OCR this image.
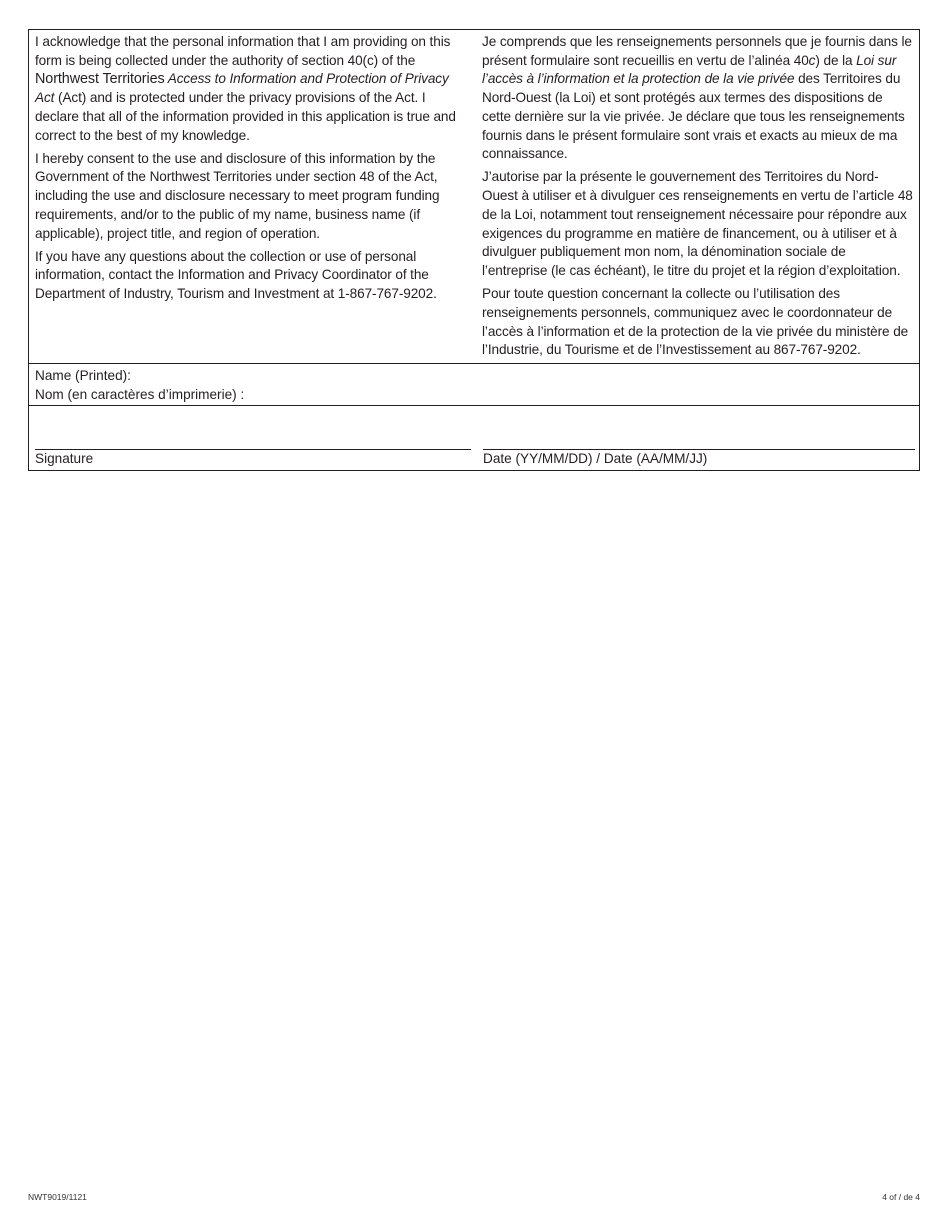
I acknowledge that the personal information that I am providing on this form is being collected under the authority of section 40(c) of the Northwest Territories Access to Information and Protection of Privacy Act (Act) and is protected under the privacy provisions of the Act. I declare that all of the information provided in this application is true and correct to the best of my knowledge.

I hereby consent to the use and disclosure of this information by the Government of the Northwest Territories under section 48 of the Act, including the use and disclosure necessary to meet program funding requirements, and/or to the public of my name, business name (if applicable), project title, and region of operation.

If you have any questions about the collection or use of personal information, contact the Information and Privacy Coordinator of the Department of Industry, Tourism and Investment at 1-867-767-9202.

Je comprends que les renseignements personnels que je fournis dans le présent formulaire sont recueillis en vertu de l’alinéa 40c) de la Loi sur l’accès à l’information et la protection de la vie privée des Territoires du Nord-Ouest (la Loi) et sont protégés aux termes des dispositions de cette dernière sur la vie privée. Je déclare que tous les renseignements fournis dans le présent formulaire sont vrais et exacts au mieux de ma connaissance.

J’autorise par la présente le gouvernement des Territoires du Nord-Ouest à utiliser et à divulguer ces renseignements en vertu de l’article 48 de la Loi, notamment tout renseignement nécessaire pour répondre aux exigences du programme en matière de financement, ou à utiliser et à divulguer publiquement mon nom, la dénomination sociale de l’entreprise (le cas échéant), le titre du projet et la région d’exploitation.

Pour toute question concernant la collecte ou l’utilisation des renseignements personnels, communiquez avec le coordonnateur de l’accès à l’information et de la protection de la vie privée du ministère de l’Industrie, du Tourisme et de l’Investissement au 867-767-9202.

Name (Printed):
Nom (en caractères d’imprimerie) :
Signature	Date (YY/MM/DD) / Date (AA/MM/JJ)
NWT9019/1121	4 of / de 4
